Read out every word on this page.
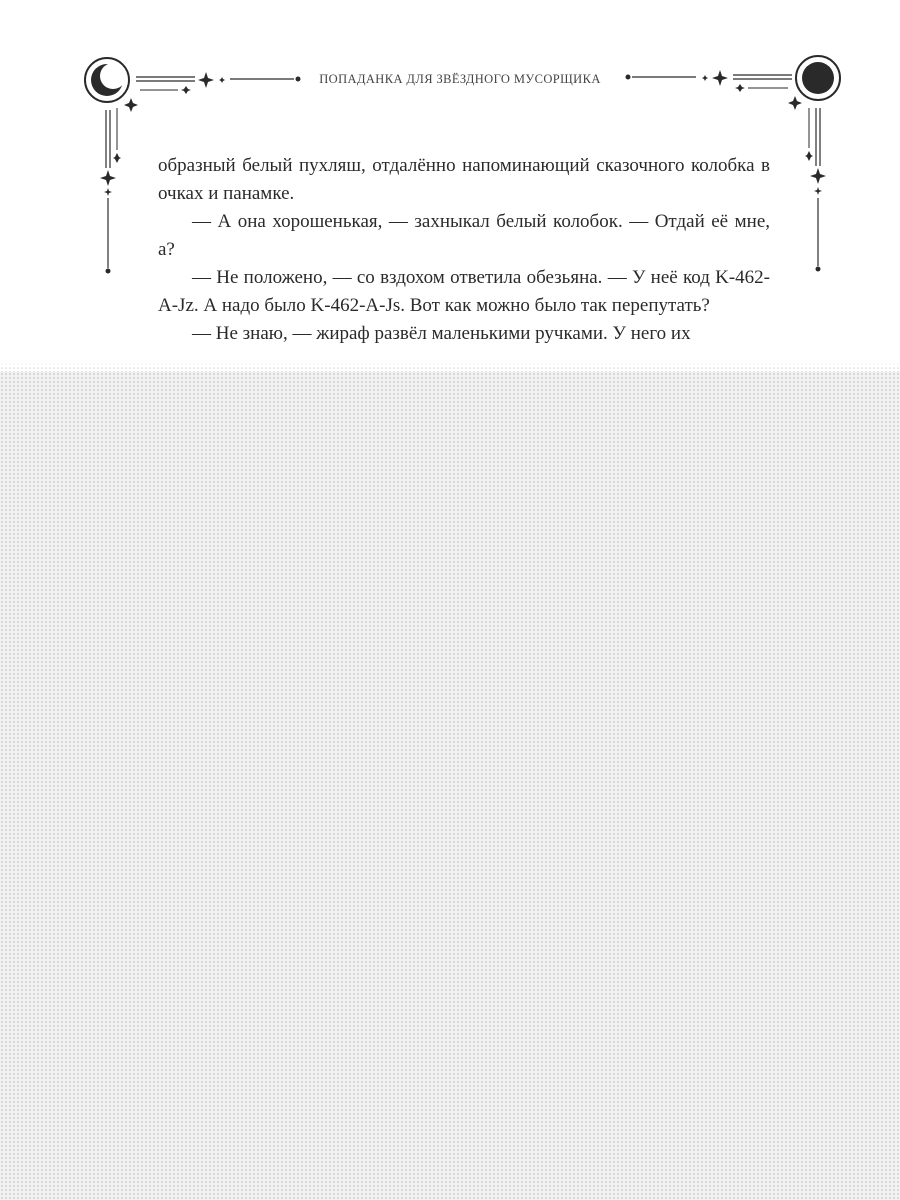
ПОПАДАНКА ДЛЯ ЗВЁЗДНОГО МУСОРЩИКА

образный белый пухляш, отдалённо напоминающий сказочного колобка в очках и панамке.

— А она хорошенькая, — захныкал белый колобок. — Отдай её мне, а?

— Не положено, — со вздохом ответила обезьяна. — У неё код K-462-A-Jz. А надо было K-462-A-Js. Вот как можно было так перепутать?

— Не знаю, — жираф развёл маленькими ручками. У него их
